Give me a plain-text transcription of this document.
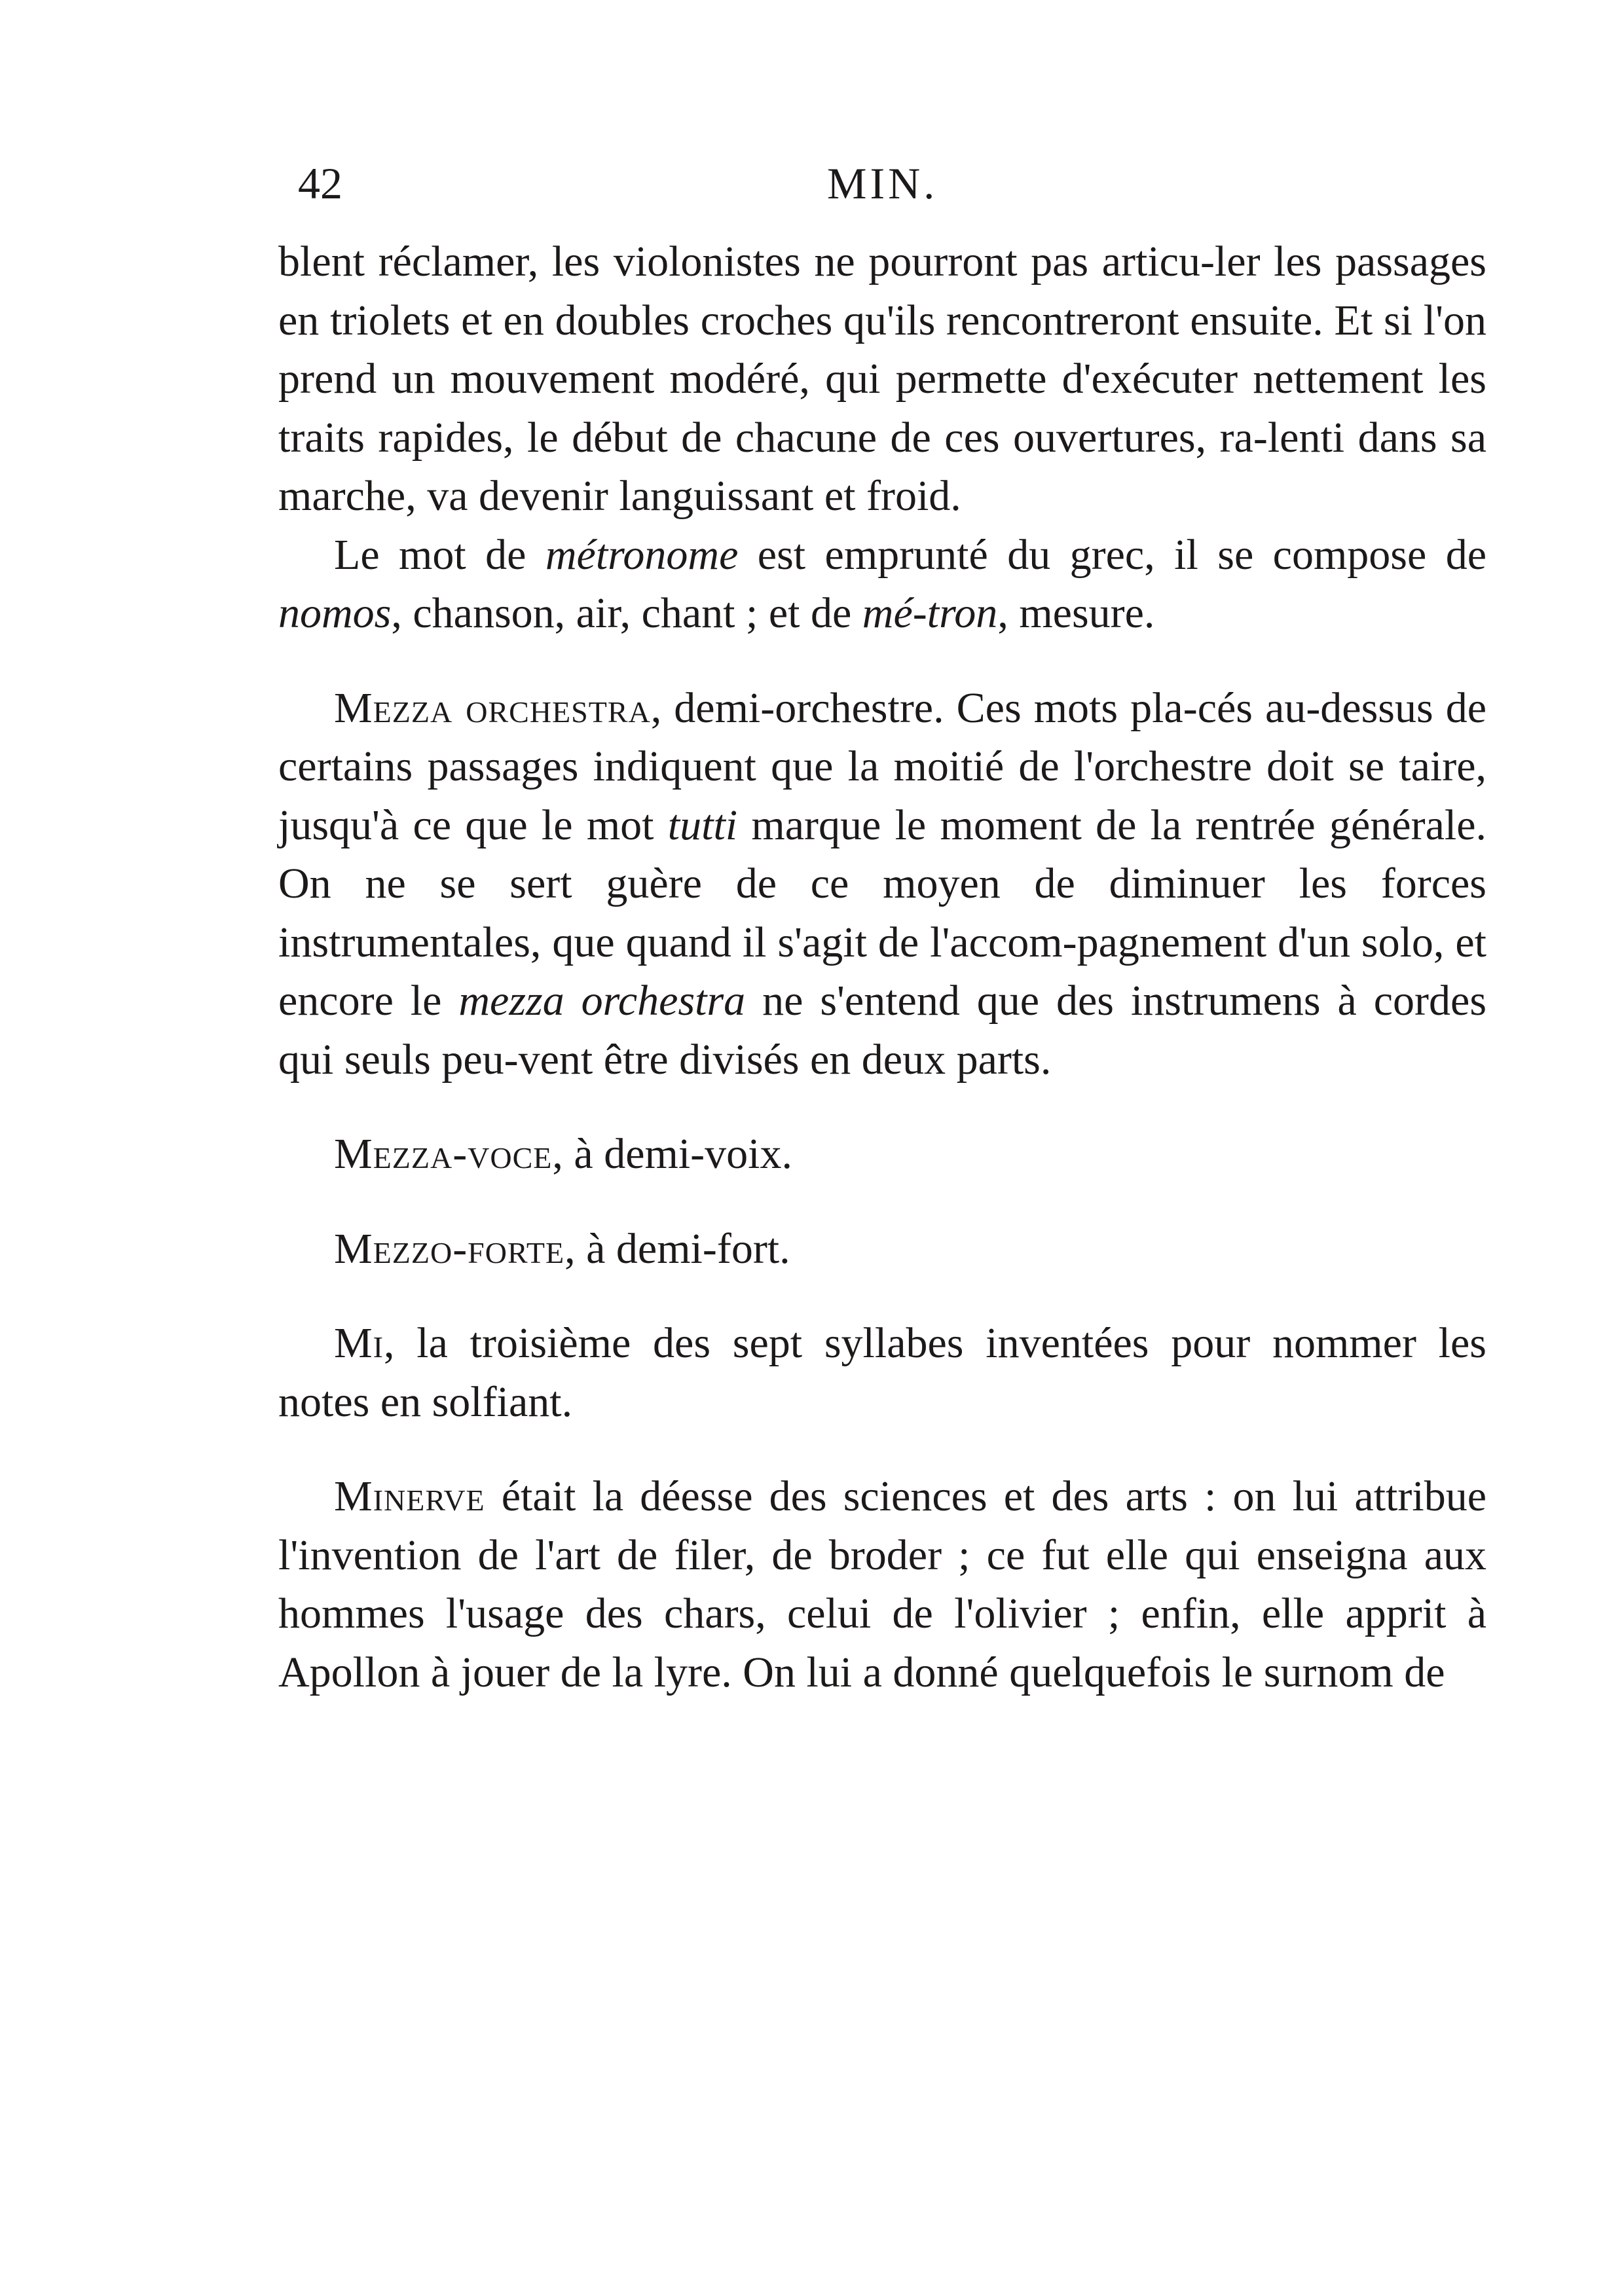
42	MIN.

blent réclamer, les violonistes ne pourront pas articu-ler les passages en triolets et en doubles croches qu'ils rencontreront ensuite. Et si l'on prend un mouvement modéré, qui permette d'exécuter nettement les traits rapides, le début de chacune de ces ouvertures, ra-lenti dans sa marche, va devenir languissant et froid.

Le mot de métronome est emprunté du grec, il se compose de nomos, chanson, air, chant ; et de mé-tron, mesure.

Mezza orchestra, demi-orchestre. Ces mots pla-cés au-dessus de certains passages indiquent que la moitié de l'orchestre doit se taire, jusqu'à ce que le mot tutti marque le moment de la rentrée générale. On ne se sert guère de ce moyen de diminuer les forces instrumentales, que quand il s'agit de l'accom-pagnement d'un solo, et encore le mezza orchestra ne s'entend que des instrumens à cordes qui seuls peu-vent être divisés en deux parts.

Mezza-voce, à demi-voix.

Mezzo-forte, à demi-fort.

Mi, la troisième des sept syllabes inventées pour nommer les notes en solfiant.

Minerve était la déesse des sciences et des arts : on lui attribue l'invention de l'art de filer, de broder ; ce fut elle qui enseigna aux hommes l'usage des chars, celui de l'olivier ; enfin, elle apprit à Apollon à jouer de la lyre. On lui a donné quelquefois le surnom de
